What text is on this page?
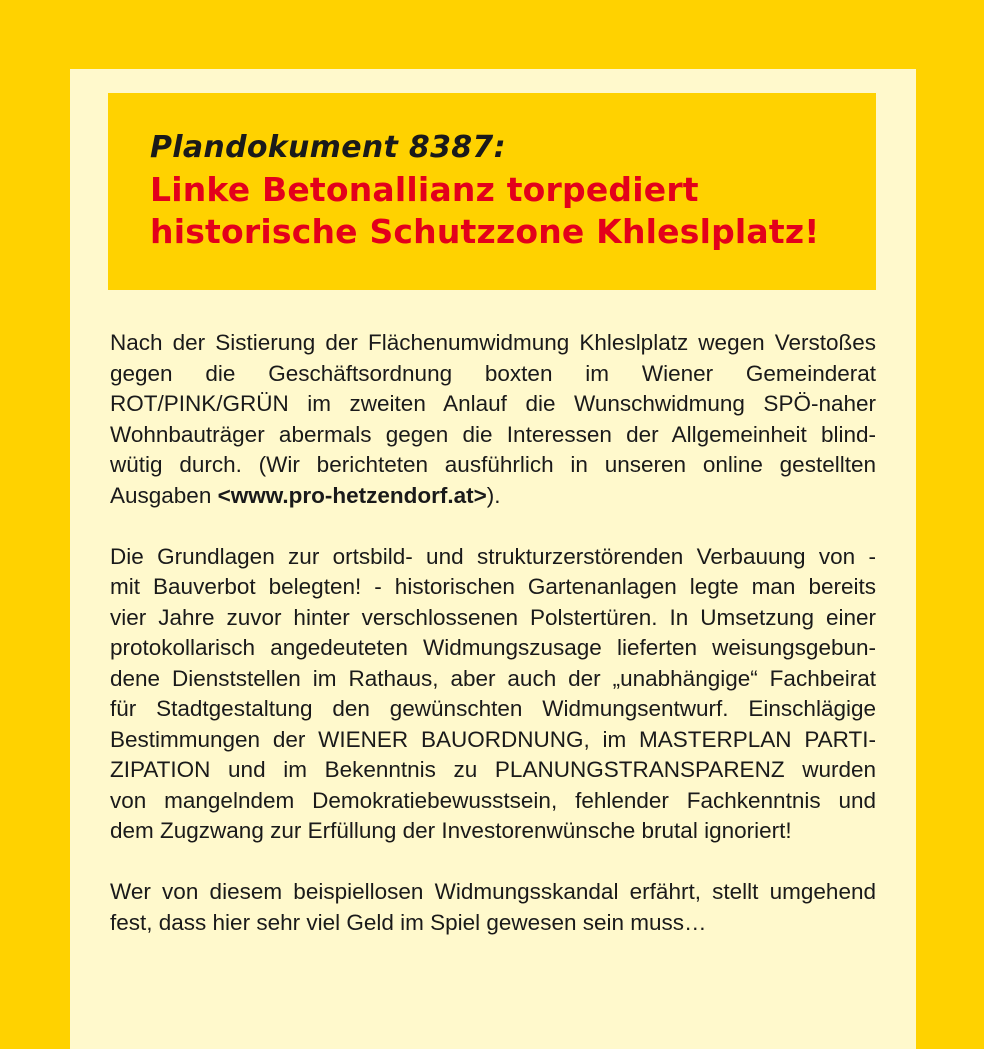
Plandokument 8387:

Linke Betonallianz torpediert
historische Schutzzone Khleslplatz!
Nach der Sistierung der Flächenumwidmung Khleslplatz wegen Verstoßes
gegen die Geschäftsordnung boxten im Wiener Gemeinderat
ROT/PINK/GRÜN im zweiten Anlauf die Wunschwidmung SPÖ-naher
Wohnbauträger abermals gegen die Interessen der Allgemeinheit blind-
wütig durch. (Wir berichteten ausführlich in unseren online gestellten
Ausgaben <www.pro-hetzendorf.at>).
Die Grundlagen zur ortsbild- und strukturzerstörenden Verbauung von -
mit Bauverbot belegten! - historischen Gartenanlagen legte man bereits
vier Jahre zuvor hinter verschlossenen Polstertüren. In Umsetzung einer
protokollarisch angedeuteten Widmungszusage lieferten weisungsgebun-
dene Dienststellen im Rathaus, aber auch der „unabhängige“ Fachbeirat
für Stadtgestaltung den gewünschten Widmungsentwurf. Einschlägige
Bestimmungen der WIENER BAUORDNUNG, im MASTERPLAN PARTI-
ZIPATION und im Bekenntnis zu PLANUNGSTRANSPARENZ wurden
von mangelndem Demokratiebewusstsein, fehlender Fachkenntnis und
dem Zugzwang zur Erfüllung der Investorenwünsche brutal ignoriert!
Wer von diesem beispiellosen Widmungsskandal erfährt, stellt umgehend
fest, dass hier sehr viel Geld im Spiel gewesen sein muss…
